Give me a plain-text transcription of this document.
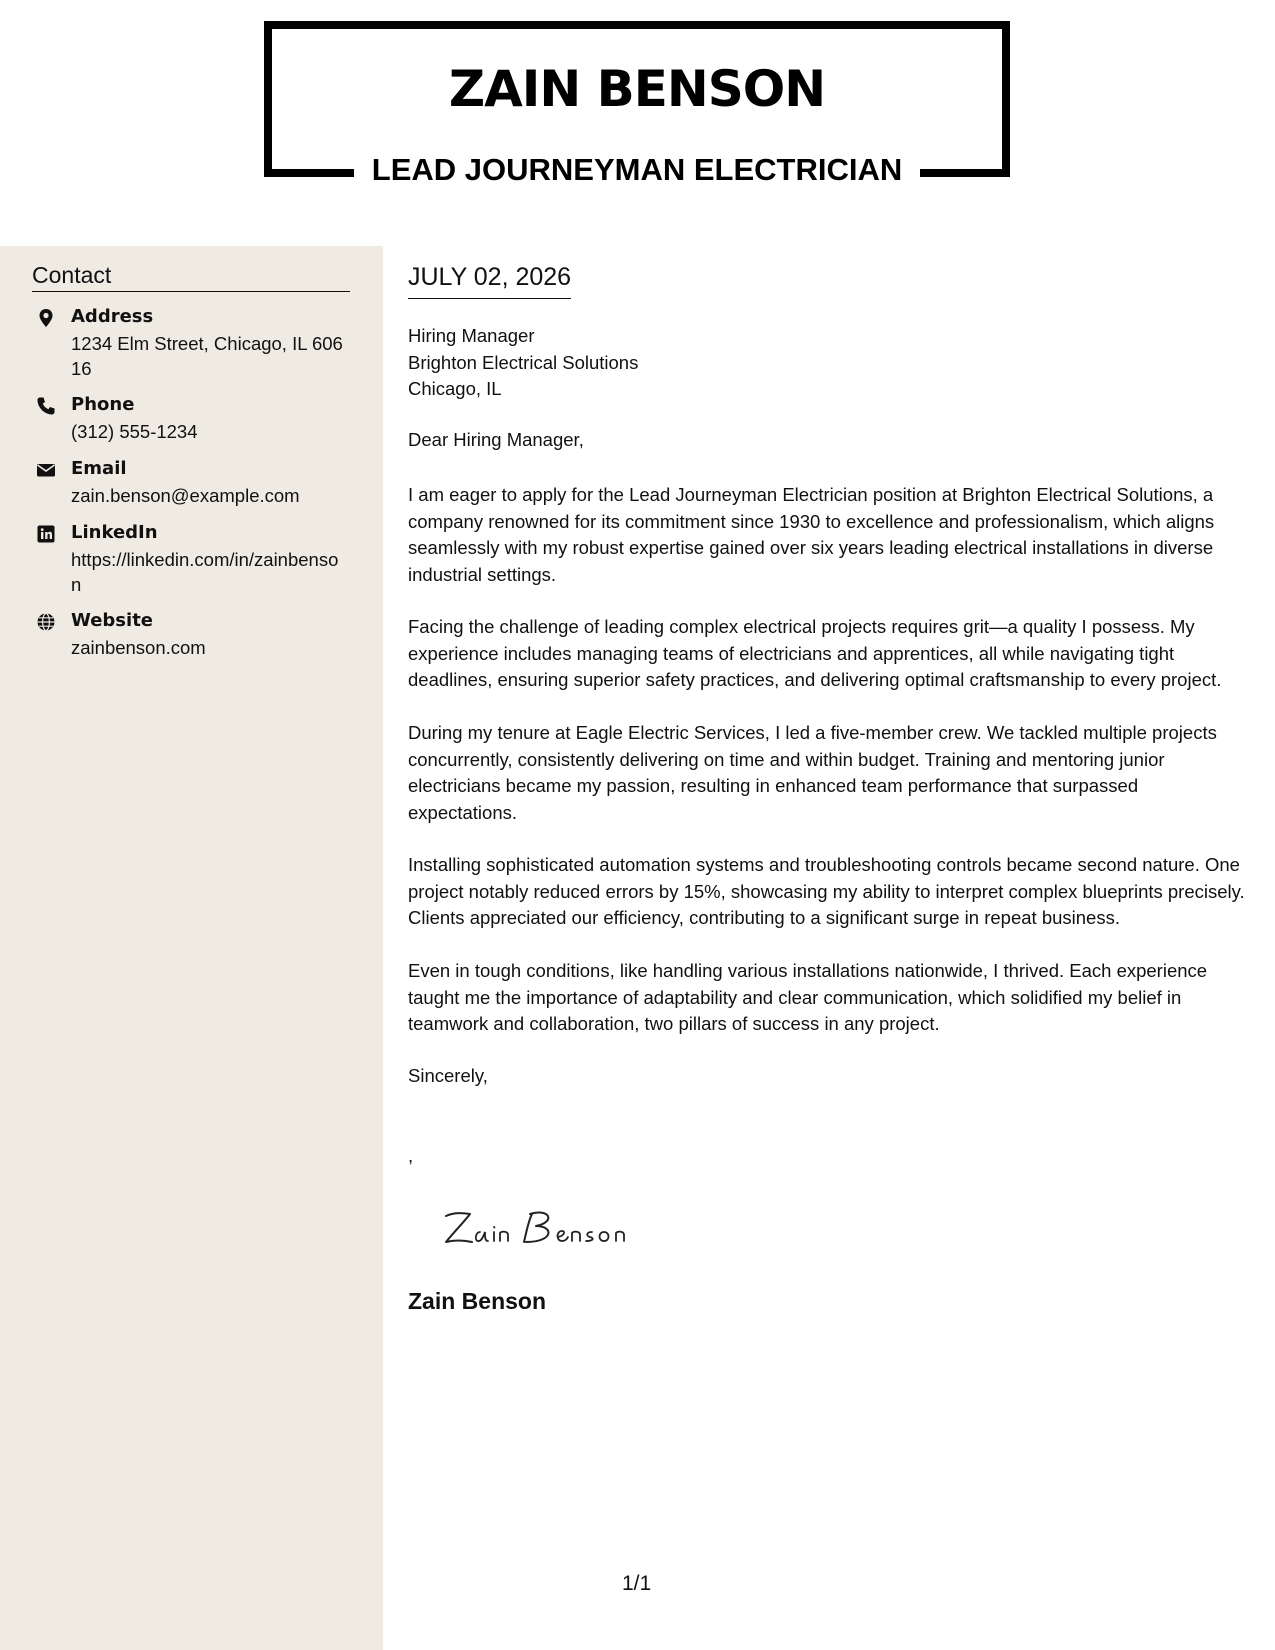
ZAIN BENSON
LEAD JOURNEYMAN ELECTRICIAN
Contact
Address
1234 Elm Street, Chicago, IL 60616
Phone
(312) 555-1234
Email
zain.benson@example.com
LinkedIn
https://linkedin.com/in/zainbenson
Website
zainbenson.com
JULY 02, 2026
Hiring Manager
Brighton Electrical Solutions
Chicago, IL
Dear Hiring Manager,

I am eager to apply for the Lead Journeyman Electrician position at Brighton Electrical Solutions, a company renowned for its commitment since 1930 to excellence and professionalism, which aligns seamlessly with my robust expertise gained over six years leading electrical installations in diverse industrial settings.

Facing the challenge of leading complex electrical projects requires grit—a quality I possess. My experience includes managing teams of electricians and apprentices, all while navigating tight deadlines, ensuring superior safety practices, and delivering optimal craftsmanship to every project.

During my tenure at Eagle Electric Services, I led a five-member crew. We tackled multiple projects concurrently, consistently delivering on time and within budget. Training and mentoring junior electricians became my passion, resulting in enhanced team performance that surpassed expectations.

Installing sophisticated automation systems and troubleshooting controls became second nature. One project notably reduced errors by 15%, showcasing my ability to interpret complex blueprints precisely. Clients appreciated our efficiency, contributing to a significant surge in repeat business.

Even in tough conditions, like handling various installations nationwide, I thrived. Each experience taught me the importance of adaptability and clear communication, which solidified my belief in teamwork and collaboration, two pillars of success in any project.

Sincerely,
,
Zain Benson
1/1
